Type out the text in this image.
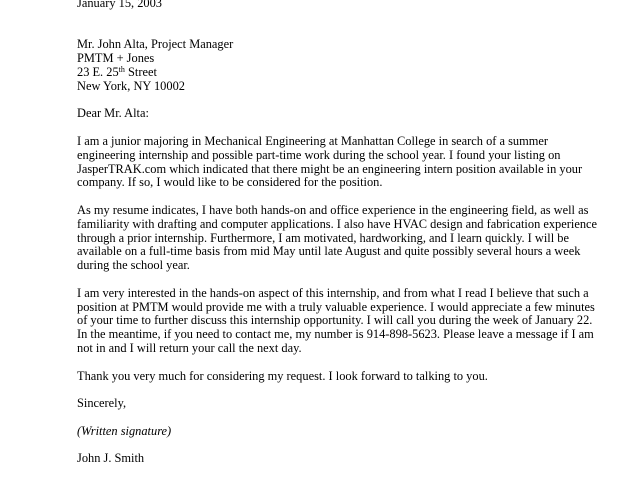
January 15, 2003
Mr. John Alta, Project Manager
PMTM + Jones
23 E. 25th Street
New York, NY 10002
Dear Mr. Alta:
I am a junior majoring in Mechanical Engineering at Manhattan College in search of a summer
engineering internship and possible part-time work during the school year. I found your listing on
JasperTRAK.com which indicated that there might be an engineering intern position available in your
company. If so, I would like to be considered for the position.
As my resume indicates, I have both hands-on and office experience in the engineering field, as well as
familiarity with drafting and computer applications. I also have HVAC design and fabrication experience
through a prior internship. Furthermore, I am motivated, hardworking, and I learn quickly. I will be
available on a full-time basis from mid May until late August and quite possibly several hours a week
during the school year.
I am very interested in the hands-on aspect of this internship, and from what I read I believe that such a
position at PMTM would provide me with a truly valuable experience. I would appreciate a few minutes
of your time to further discuss this internship opportunity. I will call you during the week of January 22.
In the meantime, if you need to contact me, my number is 914-898-5623. Please leave a message if I am
not in and I will return your call the next day.
Thank you very much for considering my request. I look forward to talking to you.
Sincerely,
(Written signature)
John J. Smith
